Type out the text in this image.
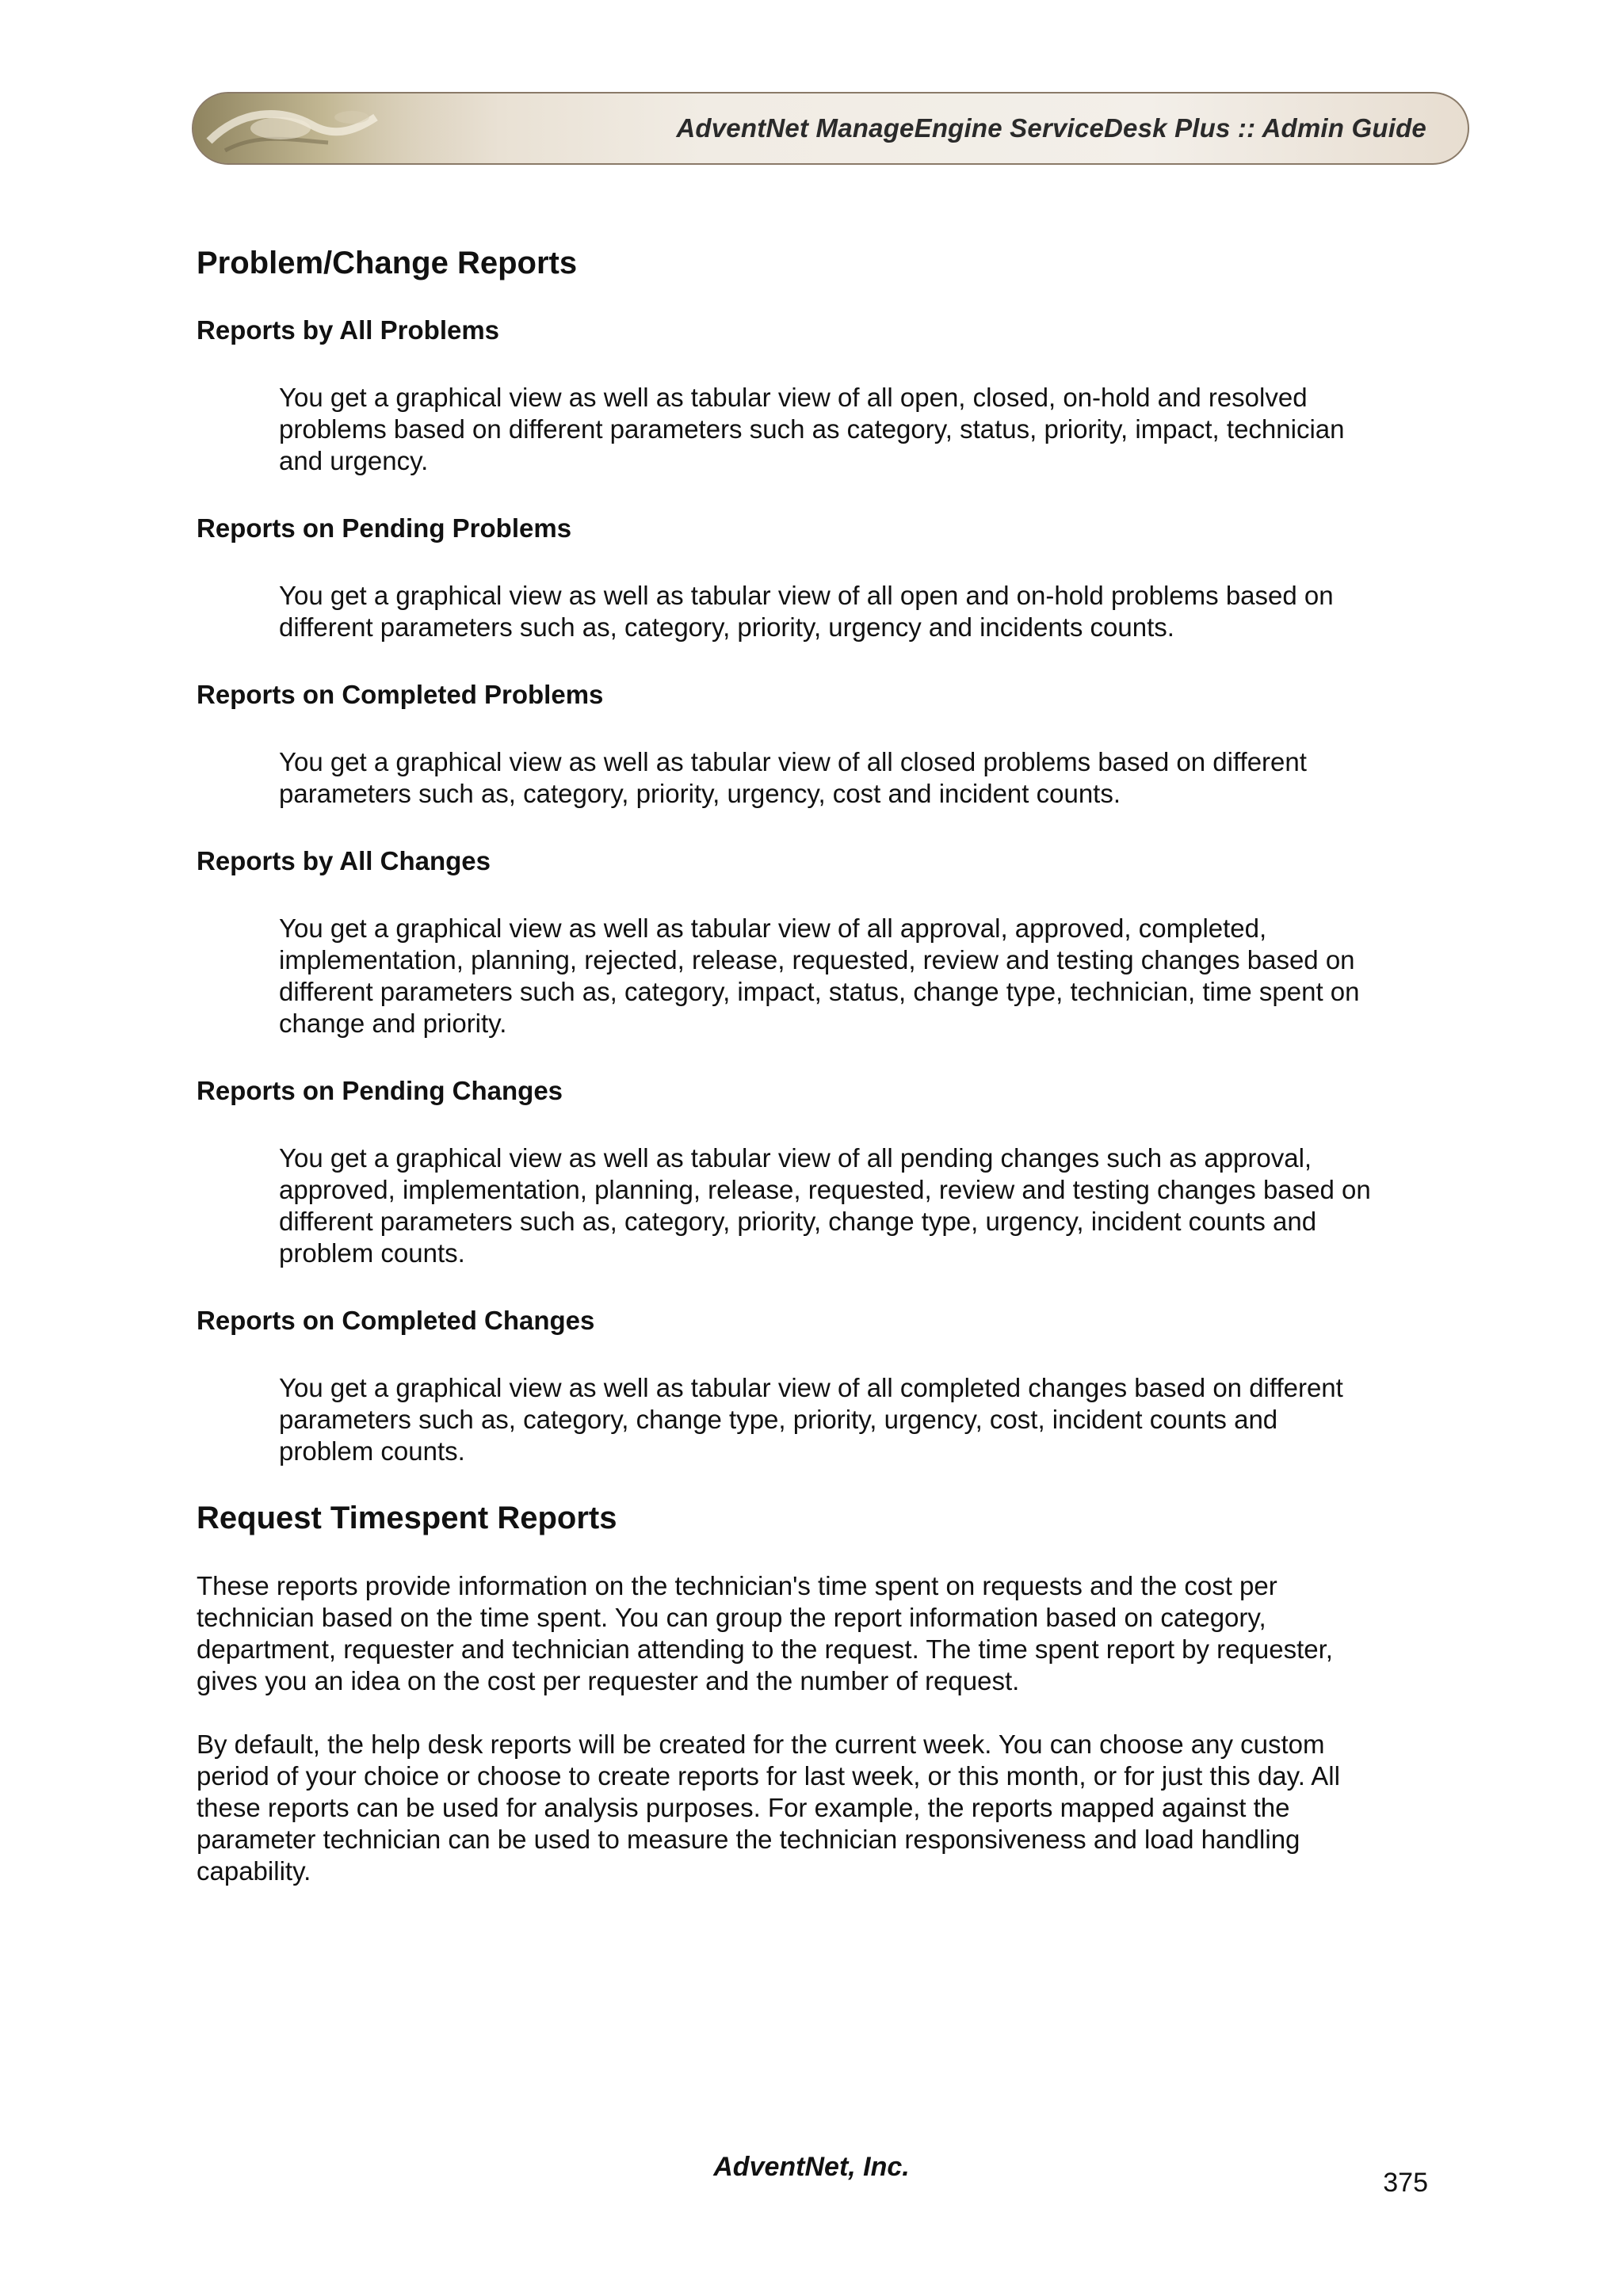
AdventNet ManageEngine ServiceDesk Plus :: Admin Guide
Problem/Change Reports
Reports by All Problems

You get a graphical view as well as tabular view of all open, closed, on-hold and resolved
problems based on different parameters such as category, status, priority, impact, technician
and urgency.

Reports on Pending Problems

You get a graphical view as well as tabular view of all open and on-hold problems based on
different parameters such as, category, priority, urgency and incidents counts.

Reports on Completed Problems

You get a graphical view as well as tabular view of all closed problems based on different
parameters such as, category, priority, urgency, cost and incident counts.

Reports by All Changes

You get a graphical view as well as tabular view of all approval, approved, completed,
implementation, planning, rejected, release, requested, review and testing changes based on
different parameters such as, category, impact, status, change type, technician, time spent on
change and priority.

Reports on Pending Changes

You get a graphical view as well as tabular view of all pending changes such as approval,
approved, implementation, planning, release, requested, review and testing changes based on
different parameters such as, category, priority, change type, urgency, incident counts and
problem counts.

Reports on Completed Changes

You get a graphical view as well as tabular view of all completed changes based on different
parameters such as, category, change type, priority, urgency, cost, incident counts and
problem counts.

Request Timespent Reports

These reports provide information on the technician's time spent on requests and the cost per
technician based on the time spent. You can group the report information based on category,
department, requester and technician attending to the request. The time spent report by requester,
gives you an idea on the cost per requester and the number of request.

By default, the help desk reports will be created for the current week. You can choose any custom
period of your choice or choose to create reports for last week, or this month, or for just this day. All
these reports can be used for analysis purposes. For example, the reports mapped against the
parameter technician can be used to measure the technician responsiveness and load handling
capability.

AdventNet, Inc.
375
